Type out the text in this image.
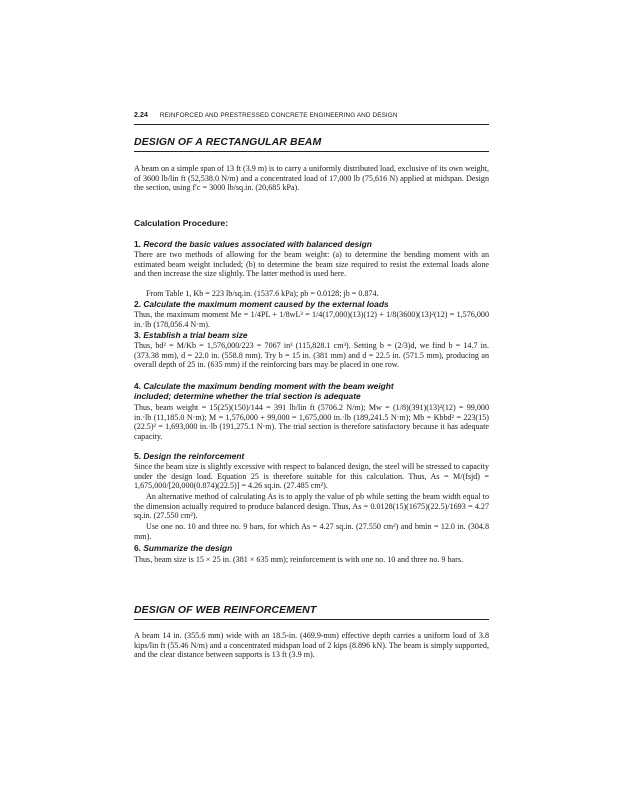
2.24 REINFORCED AND PRESTRESSED CONCRETE ENGINEERING AND DESIGN
DESIGN OF A RECTANGULAR BEAM
A beam on a simple span of 13 ft (3.9 m) is to carry a uniformly distributed load, exclusive of its own weight, of 3600 lb/lin ft (52,538.0 N/m) and a concentrated load of 17,000 lb (75,616 N) applied at midspan. Design the section, using f′c = 3000 lb/sq.in. (20,685 kPa).
Calculation Procedure:
1. Record the basic values associated with balanced design
There are two methods of allowing for the beam weight: (a) to determine the bending moment with an estimated beam weight included; (b) to determine the beam size required to resist the external loads alone and then increase the size slightly. The latter method is used here.
From Table 1, Kb = 223 lb/sq.in. (1537.6 kPa); pb = 0.0128; jb = 0.874.
2. Calculate the maximum moment caused by the external loads
Thus, the maximum moment Me = 1/4PL + 1/8wL² = 1/4(17,000)(13)(12) + 1/8(3600)(13)²(12) = 1,576,000 in.·lb (178,056.4 N·m).
3. Establish a trial beam size
Thus, bd² = M/Kb = 1,576,000/223 = 7067 in³ (115,828.1 cm³). Setting b = (2/3)d, we find b = 14.7 in. (373.38 mm), d = 22.0 in. (558.8 mm). Try b = 15 in. (381 mm) and d = 22.5 in. (571.5 mm), producing an overall depth of 25 in. (635 mm) if the reinforcing bars may be placed in one row.
4. Calculate the maximum bending moment with the beam weight
included; determine whether the trial section is adequate
Thus, beam weight = 15(25)(150)/144 = 391 lb/lin ft (5706.2 N/m); Mw = (1/8)(391)(13)²(12) = 99,000 in.·lb (11,185.0 N·m); M = 1,576,000 + 99,000 = 1,675,000 in.·lb (189,241.5 N·m); Mb = Kbbd² = 223(15)(22.5)² = 1,693,000 in.·lb (191,275.1 N·m). The trial section is therefore satisfactory because it has adequate capacity.
5. Design the reinforcement
Since the beam size is slightly excessive with respect to balanced design, the steel will be stressed to capacity under the design load. Equation 25 is therefore suitable for this calculation. Thus, As = M/(fsjd) = 1,675,000/[20,000(0.874)(22.5)] = 4.26 sq.in. (27.485 cm²).
An alternative method of calculating As is to apply the value of pb while setting the beam width equal to the dimension actually required to produce balanced design. Thus, As = 0.0128(15)(1675)(22.5)/1693 = 4.27 sq.in. (27.550 cm²).
Use one no. 10 and three no. 9 bars, for which As = 4.27 sq.in. (27.550 cm²) and bmin = 12.0 in. (304.8 mm).
6. Summarize the design
Thus, beam size is 15 × 25 in. (381 × 635 mm); reinforcement is with one no. 10 and three no. 9 bars.
DESIGN OF WEB REINFORCEMENT
A beam 14 in. (355.6 mm) wide with an 18.5-in. (469.9-mm) effective depth carries a uniform load of 3.8 kips/lin ft (55.46 N/m) and a concentrated midspan load of 2 kips (8.896 kN). The beam is simply supported, and the clear distance between supports is 13 ft (3.9 m).
